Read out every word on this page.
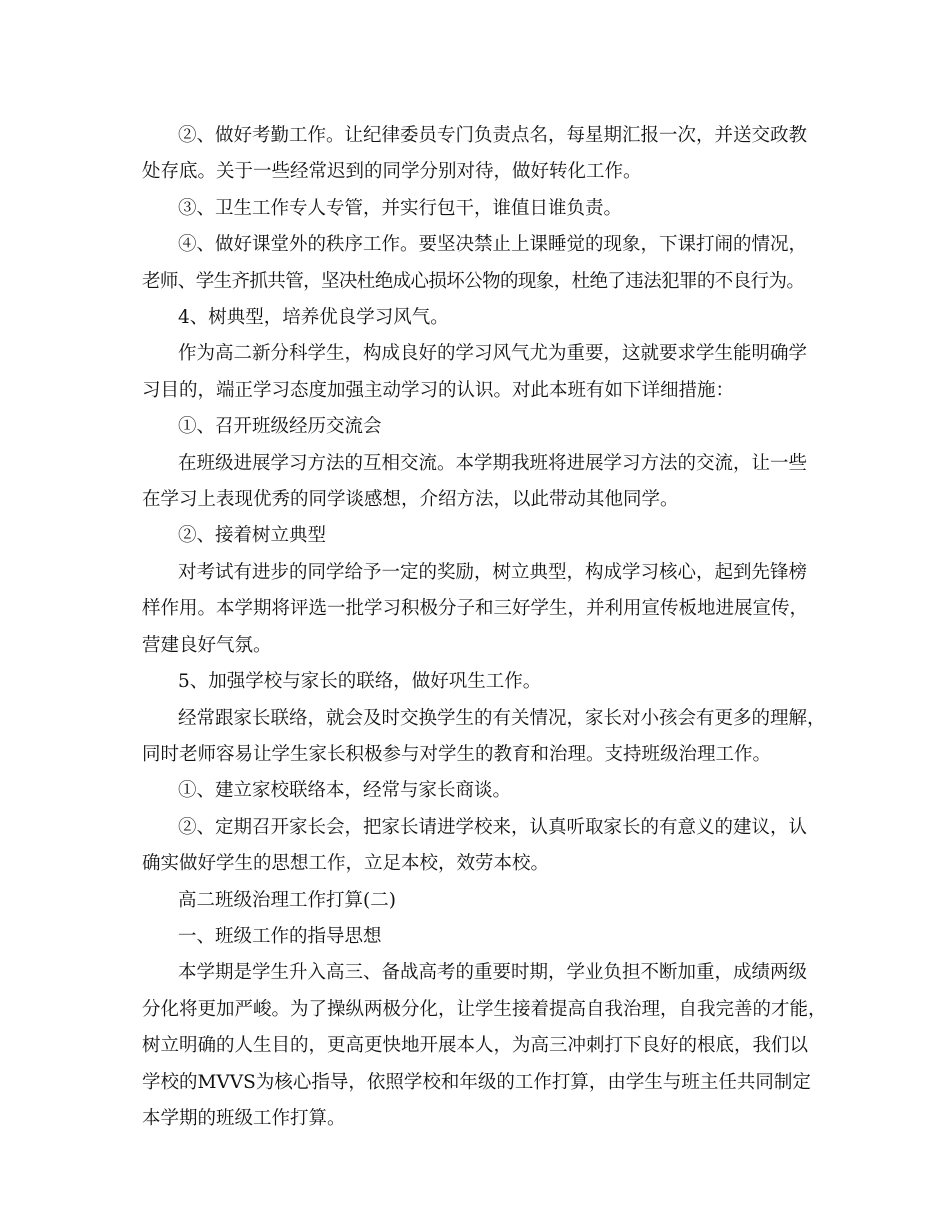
②、做好考勤工作。让纪律委员专门负责点名，每星期汇报一次，并送交政教
处存底。关于一些经常迟到的同学分别对待，做好转化工作。
③、卫生工作专人专管，并实行包干，谁值日谁负责。
④、做好课堂外的秩序工作。要坚决禁止上课睡觉的现象，下课打闹的情况，
老师、学生齐抓共管，坚决杜绝成心损坏公物的现象，杜绝了违法犯罪的不良行为。
4、树典型，培养优良学习风气。
作为高二新分科学生，构成良好的学习风气尤为重要，这就要求学生能明确学
习目的，端正学习态度加强主动学习的认识。对此本班有如下详细措施：
①、召开班级经历交流会
在班级进展学习方法的互相交流。本学期我班将进展学习方法的交流，让一些
在学习上表现优秀的同学谈感想，介绍方法，以此带动其他同学。
②、接着树立典型
对考试有进步的同学给予一定的奖励，树立典型，构成学习核心，起到先锋榜
样作用。本学期将评选一批学习积极分子和三好学生，并利用宣传板地进展宣传，
营建良好气氛。
5、加强学校与家长的联络，做好巩生工作。
经常跟家长联络，就会及时交换学生的有关情况，家长对小孩会有更多的理解，
同时老师容易让学生家长积极参与对学生的教育和治理。支持班级治理工作。
①、建立家校联络本，经常与家长商谈。
②、定期召开家长会，把家长请进学校来，认真听取家长的有意义的建议，认
确实做好学生的思想工作，立足本校，效劳本校。
高二班级治理工作打算(二)
一、班级工作的指导思想
本学期是学生升入高三、备战高考的重要时期，学业负担不断加重，成绩两级
分化将更加严峻。为了操纵两极分化，让学生接着提高自我治理，自我完善的才能，
树立明确的人生目的，更高更快地开展本人，为高三冲刺打下良好的根底，我们以
学校的MVVS为核心指导，依照学校和年级的工作打算，由学生与班主任共同制定
本学期的班级工作打算。
